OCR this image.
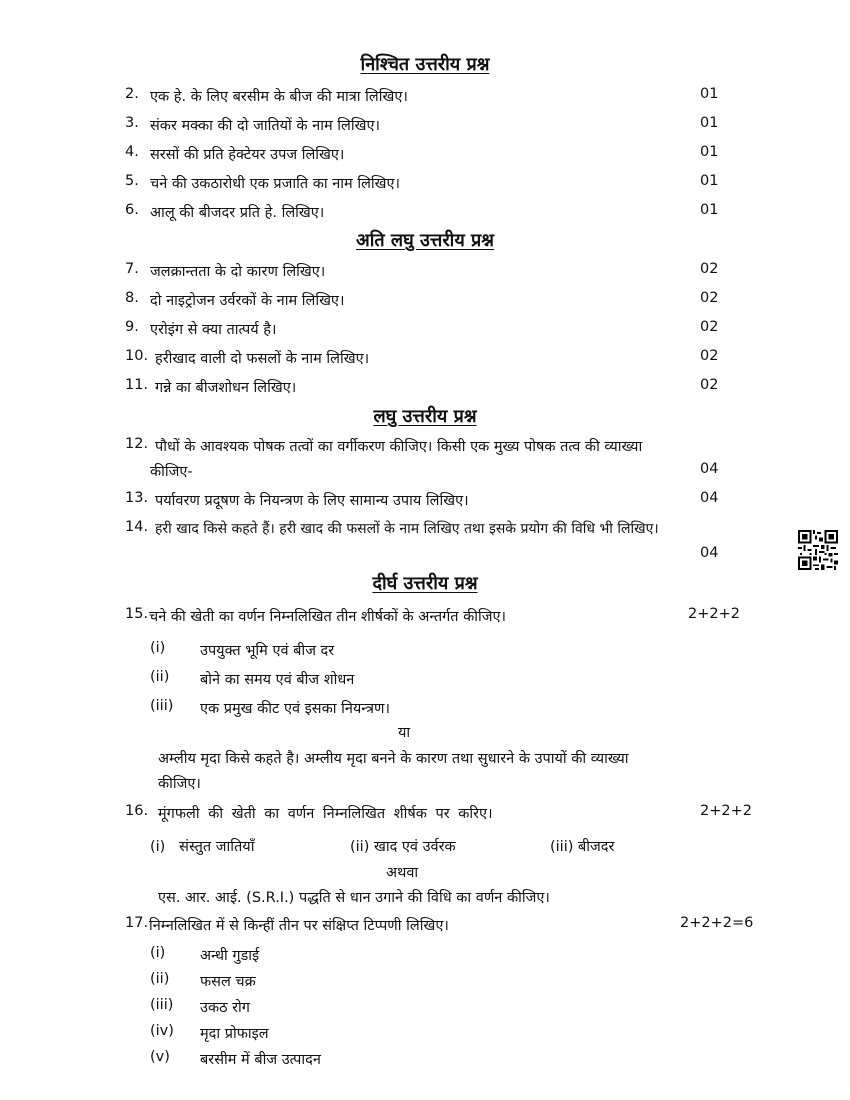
निश्चित उत्तरीय प्रश्न
अति लघु उत्तरीय प्रश्न
लघु उत्तरीय प्रश्न
दीर्घ उत्तरीय प्रश्न
2. एक हे. के लिए बरसीम के बीज की मात्रा लिखिए।	01
3. संकर मक्का की दो जातियों के नाम लिखिए।	01
4. सरसों की प्रति हेक्टेयर उपज लिखिए।	01
5. चने की उकठारोधी एक प्रजाति का नाम लिखिए।	01
6. आलू की बीजदर प्रति हे. लिखिए।	01
7. जलक्रान्तता के दो कारण लिखिए।	02
8. दो नाइट्रोजन उर्वरकों के नाम लिखिए।	02
9. एरोइंग से क्या तात्पर्य है।	02
10. हरीखाद वाली दो फसलों के नाम लिखिए।	02
11. गन्ने का बीजशोधन लिखिए।	02
12. पौधों के आवश्यक पोषक तत्वों का वर्गीकरण कीजिए। किसी एक मुख्य पोषक तत्व की व्याख्या
कीजिए-	04
13. पर्यावरण प्रदूषण के नियन्त्रण के लिए सामान्य उपाय लिखिए।	04
14. हरी खाद किसे कहते हैं। हरी खाद की फसलों के नाम लिखिए तथा इसके प्रयोग की विधि भी लिखिए।
04
15. चने की खेती का वर्णन निम्नलिखित तीन शीर्षकों के अन्तर्गत कीजिए।	2+2+2
(i) उपयुक्त भूमि एवं बीज दर
(ii) बोने का समय एवं बीज शोधन
(iii) एक प्रमुख कीट एवं इसका नियन्त्रण।
या
अम्लीय मृदा किसे कहते है। अम्लीय मृदा बनने के कारण तथा सुधारने के उपायों की व्याख्या
कीजिए।
16. मूंगफली की खेती का वर्णन निम्नलिखित शीर्षक पर करिए।	2+2+2
(i)   संस्तुत जातियाँ	(ii) खाद एवं उर्वरक	(iii) बीजदर
अथवा
एस. आर. आई. (S.R.I.) पद्धति से धान उगाने की विधि का वर्णन कीजिए।
17. निम्नलिखित में से किन्हीं तीन पर संक्षिप्त टिप्पणी लिखिए।	2+2+2=6
(i) अन्धी गुडाई
(ii) फसल चक्र
(iii) उकठ रोग
(iv) मृदा प्रोफाइल
(v) बरसीम में बीज उत्पादन
